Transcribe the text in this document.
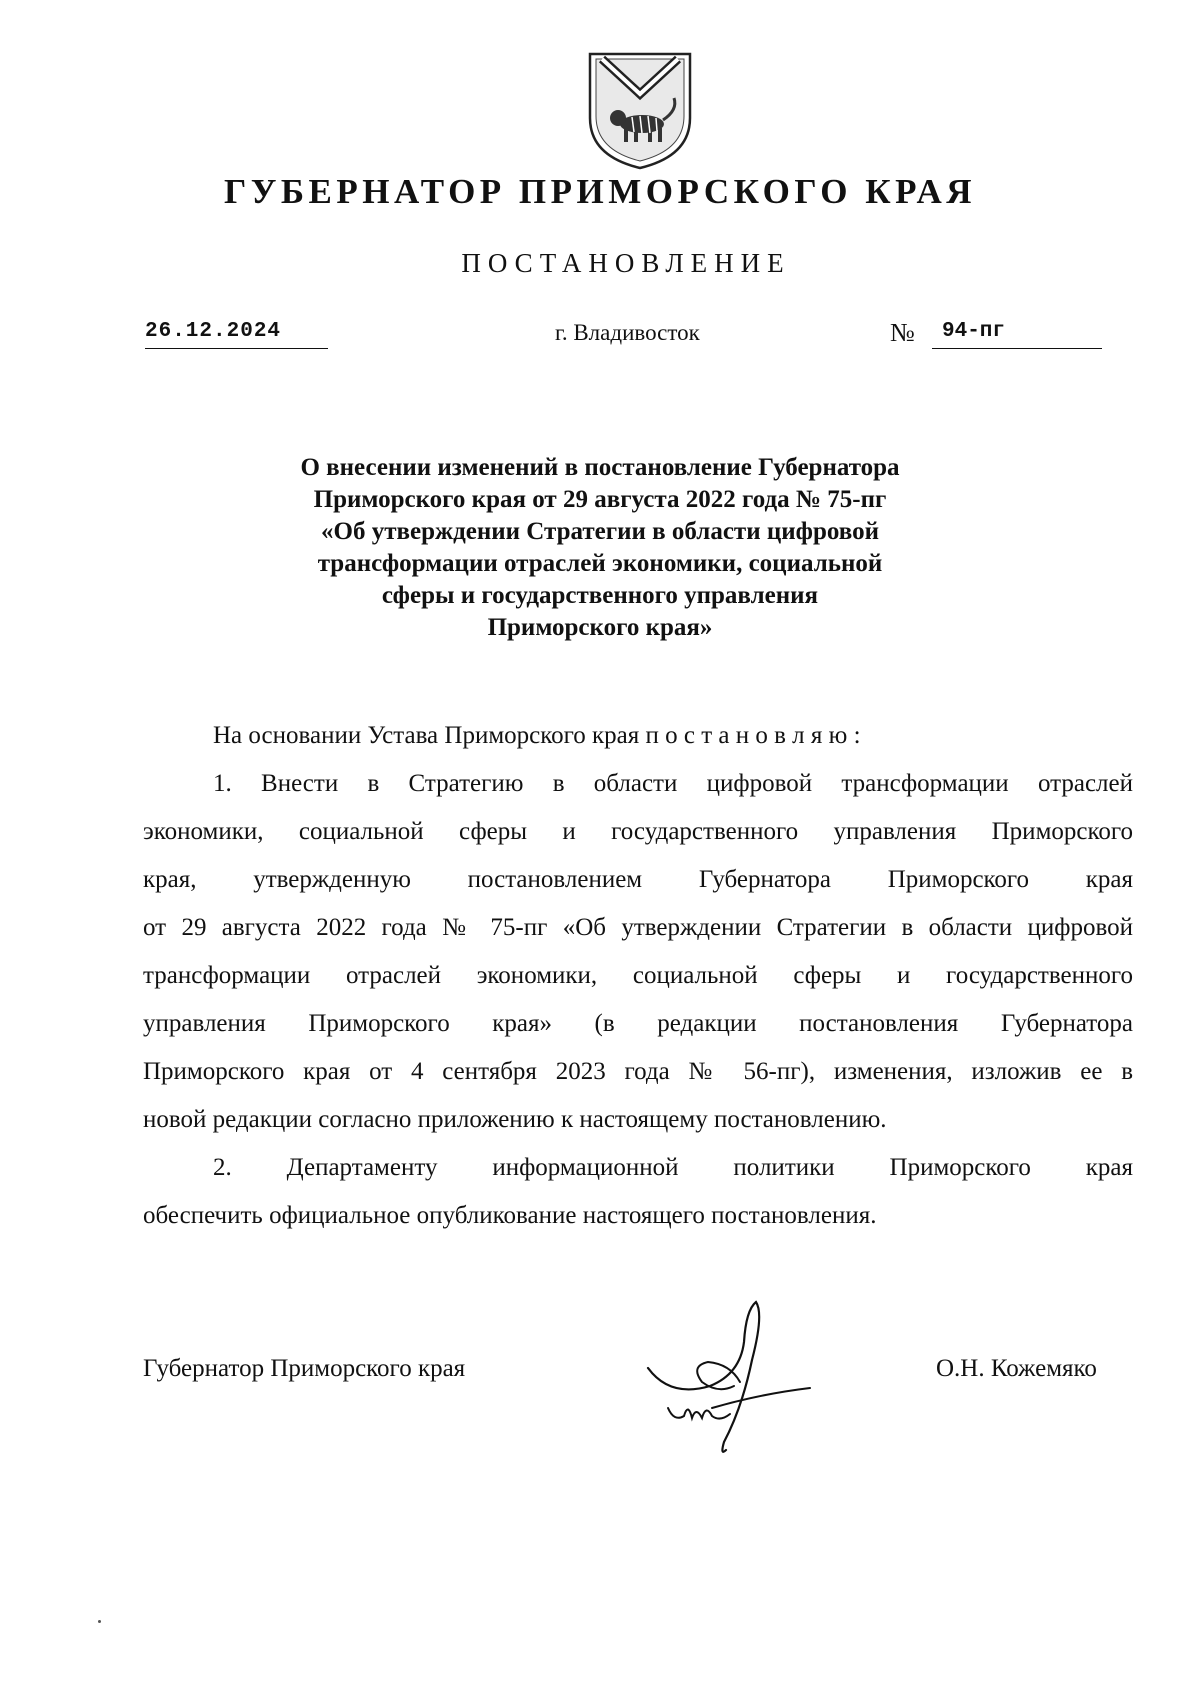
ГУБЕРНАТОР ПРИМОРСКОГО КРАЯ
ПОСТАНОВЛЕНИЕ
26.12.2024	г. Владивосток	№	94-пг
О внесении изменений в постановление Губернатора
Приморского края от 29 августа 2022 года № 75-пг
«Об утверждении Стратегии в области цифровой
трансформации отраслей экономики, социальной
сферы и государственного управления
Приморского края»
На основании Устава Приморского края п о с т а н о в л я ю :
1. Внести в Стратегию в области цифровой трансформации отраслей
экономики, социальной сферы и государственного управления Приморского
края, утвержденную постановлением Губернатора Приморского края
от 29 августа 2022 года № 75-пг «Об утверждении Стратегии в области цифровой
трансформации отраслей экономики, социальной сферы и государственного
управления Приморского края» (в редакции постановления Губернатора
Приморского края от 4 сентября 2023 года № 56-пг), изменения, изложив ее в
новой редакции согласно приложению к настоящему постановлению.
2. Департаменту информационной политики Приморского края
обеспечить официальное опубликование настоящего постановления.
Губернатор Приморского края	О.Н. Кожемяко
